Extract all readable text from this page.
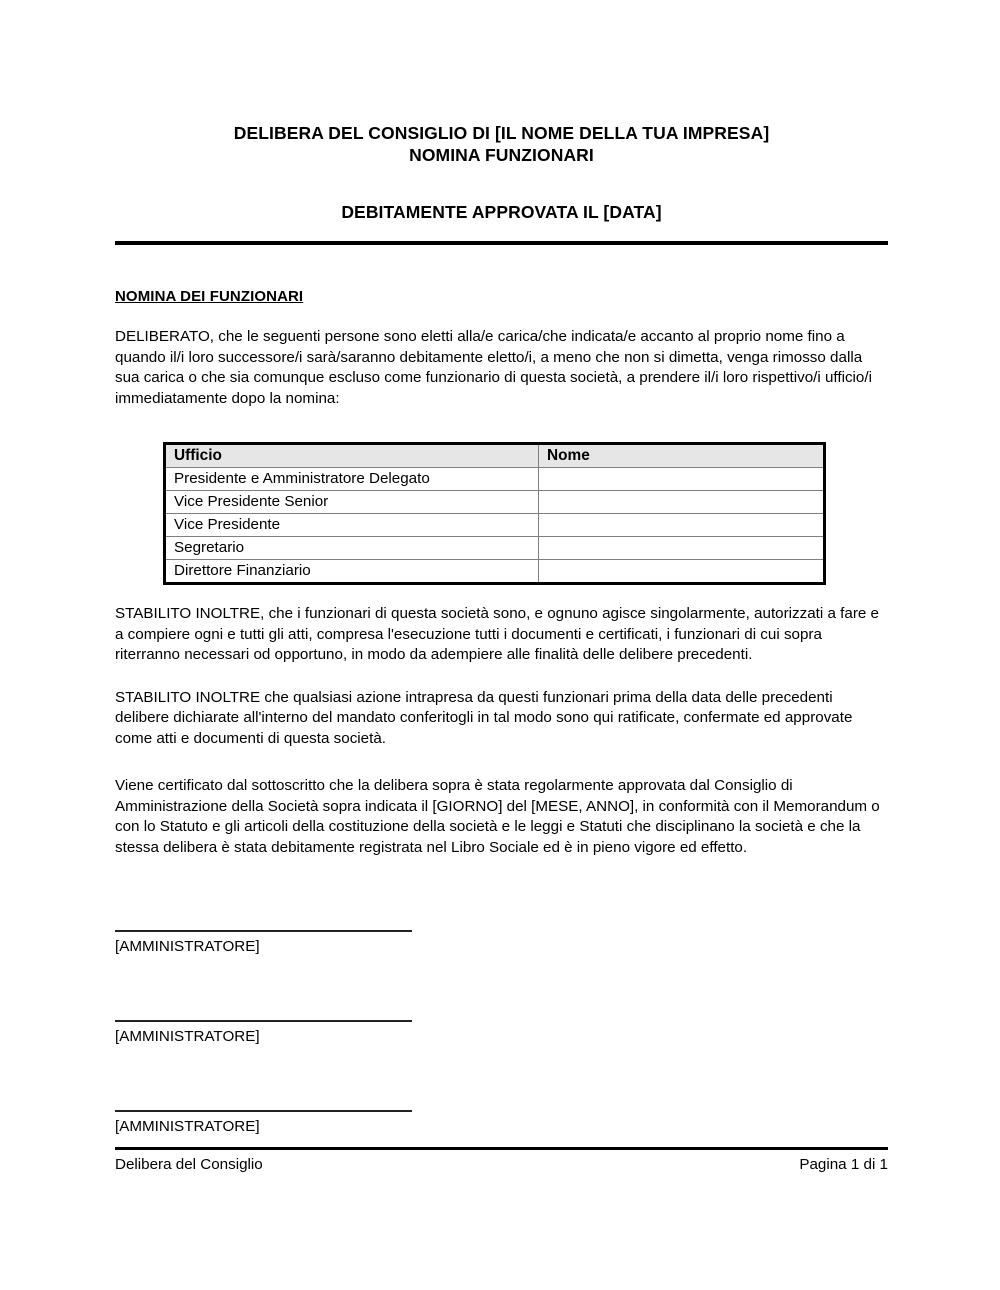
DELIBERA DEL CONSIGLIO DI [IL NOME DELLA TUA IMPRESA]
NOMINA FUNZIONARI
DEBITAMENTE APPROVATA IL [DATA]
NOMINA DEI FUNZIONARI

DELIBERATO, che le seguenti persone sono eletti alla/e carica/che indicata/e accanto al proprio nome fino a quando il/i loro successore/i sarà/saranno debitamente eletto/i, a meno che non si dimetta, venga rimosso dalla sua carica o che sia comunque escluso come funzionario di questa società, a prendere il/i loro rispettivo/i ufficio/i immediatamente dopo la nomina:

Ufficio	Nome
Presidente e Amministratore Delegato	
Vice Presidente Senior	
Vice Presidente	
Segretario	
Direttore Finanziario	

STABILITO INOLTRE, che i funzionari di questa società sono, e ognuno agisce singolarmente, autorizzati a fare e a compiere ogni e tutti gli atti, compresa l'esecuzione tutti i documenti e certificati, i funzionari di cui sopra riterranno necessari od opportuno, in modo da adempiere alle finalità delle delibere precedenti.

STABILITO INOLTRE che qualsiasi azione intrapresa da questi funzionari prima della data delle precedenti delibere dichiarate all'interno del mandato conferitogli in tal modo sono qui ratificate, confermate ed approvate come atti e documenti di questa società.

Viene certificato dal sottoscritto che la delibera sopra è stata regolarmente approvata dal Consiglio di Amministrazione della Società sopra indicata il [GIORNO] del [MESE, ANNO], in conformità con il Memorandum o con lo Statuto e gli articoli della costituzione della società e le leggi e Statuti che disciplinano la società e che la stessa delibera è stata debitamente registrata nel Libro Sociale ed è in pieno vigore ed effetto.

[AMMINISTRATORE]
[AMMINISTRATORE]
[AMMINISTRATORE]
Delibera del Consiglio	Pagina 1 di 1
